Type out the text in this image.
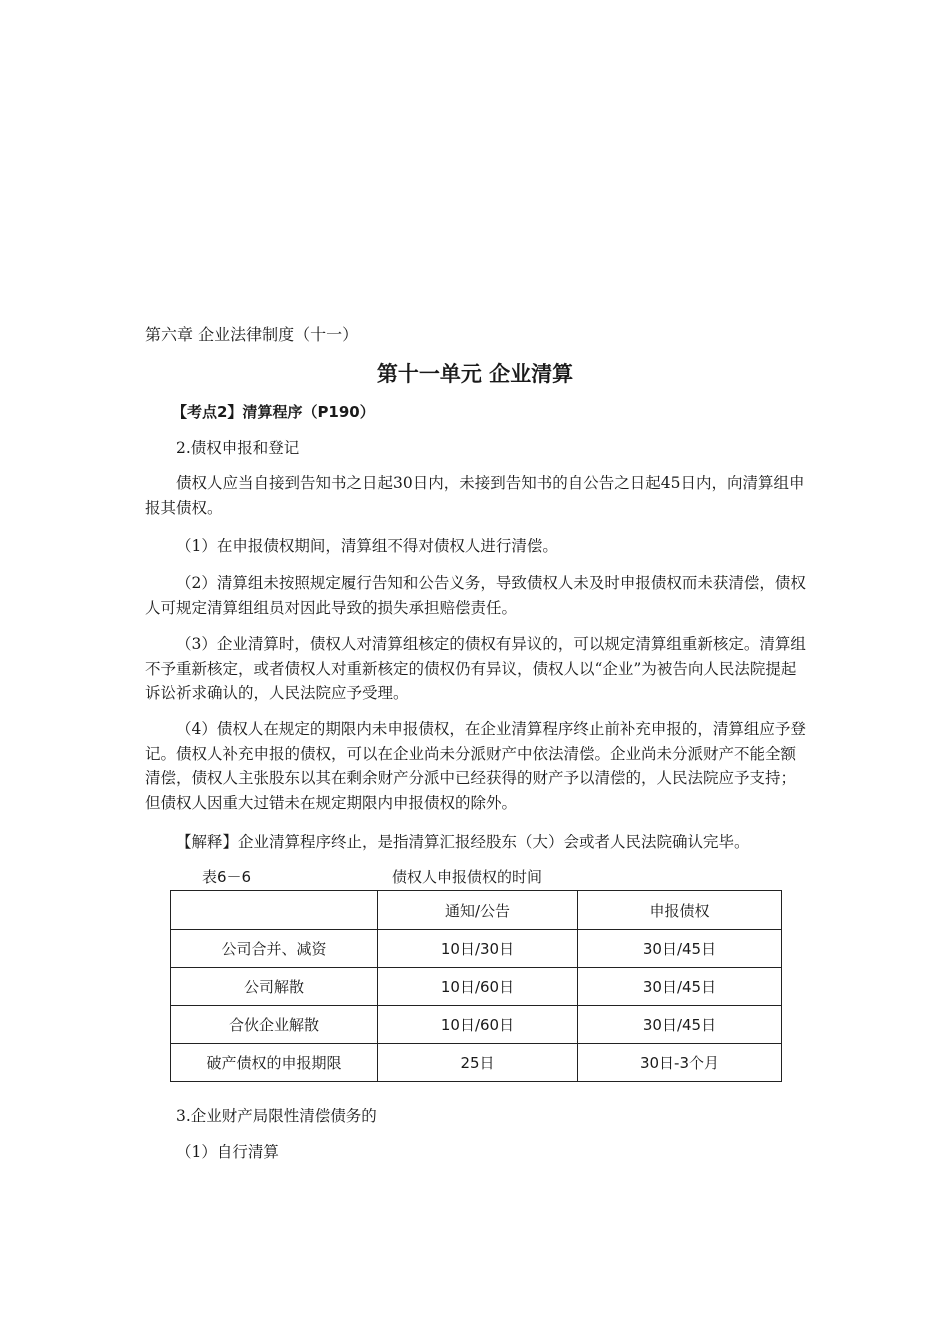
第六章 企业法律制度（十一）
第十一单元 企业清算
【考点2】清算程序（P190）

2.债权申报和登记

债权人应当自接到告知书之日起30日内，未接到告知书的自公告之日起45日内，向清算组申报其债权。

（1）在申报债权期间，清算组不得对债权人进行清偿。

（2）清算组未按照规定履行告知和公告义务，导致债权人未及时申报债权而未获清偿，债权人可规定清算组组员对因此导致的损失承担赔偿责任。

（3）企业清算时，债权人对清算组核定的债权有异议的，可以规定清算组重新核定。清算组不予重新核定，或者债权人对重新核定的债权仍有异议，债权人以“企业”为被告向人民法院提起诉讼祈求确认的，人民法院应予受理。

（4）债权人在规定的期限内未申报债权，在企业清算程序终止前补充申报的，清算组应予登记。债权人补充申报的债权，可以在企业尚未分派财产中依法清偿。企业尚未分派财产不能全额清偿，债权人主张股东以其在剩余财产分派中已经获得的财产予以清偿的，人民法院应予支持；但债权人因重大过错未在规定期限内申报债权的除外。

【解释】企业清算程序终止，是指清算汇报经股东（大）会或者人民法院确认完毕。

表6－6	债权人申报债权的时间
	通知/公告	申报债权
公司合并、减资	10日/30日	30日/45日
公司解散	10日/60日	30日/45日
合伙企业解散	10日/60日	30日/45日
破产债权的申报期限	25日	30日-3个月

3.企业财产局限性清偿债务的

（1）自行清算
